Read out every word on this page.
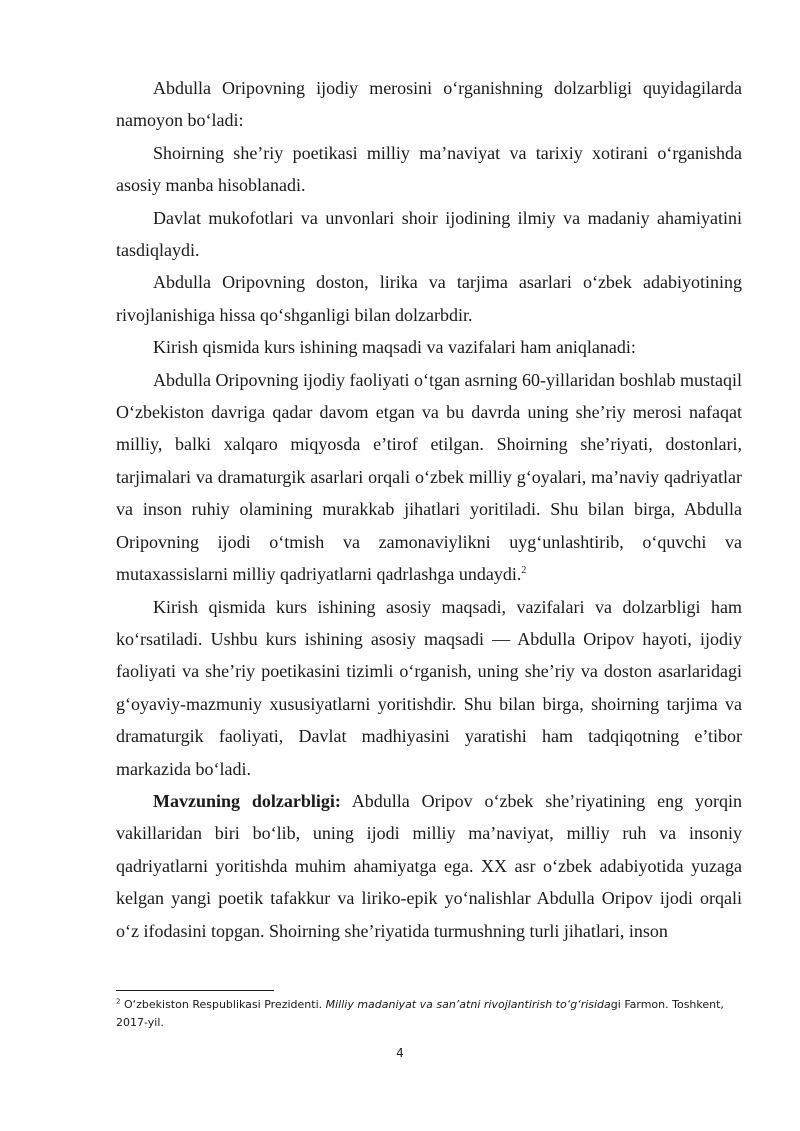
Abdulla Oripovning ijodiy merosini o‘rganishning dolzarbligi quyidagilarda namoyon bo‘ladi:

Shoirning she’riy poetikasi milliy ma’naviyat va tarixiy xotirani o‘rganishda asosiy manba hisoblanadi.

Davlat mukofotlari va unvonlari shoir ijodining ilmiy va madaniy ahamiyatini tasdiqlaydi.

Abdulla Oripovning doston, lirika va tarjima asarlari o‘zbek adabiyotining rivojlanishiga hissa qo‘shganligi bilan dolzarbdir.

Kirish qismida kurs ishining maqsadi va vazifalari ham aniqlanadi:

Abdulla Oripovning ijodiy faoliyati o‘tgan asrning 60-yillaridan boshlab mustaqil O‘zbekiston davriga qadar davom etgan va bu davrda uning she’riy merosi nafaqat milliy, balki xalqaro miqyosda e’tirof etilgan. Shoirning she’riyati, dostonlari, tarjimalari va dramaturgik asarlari orqali o‘zbek milliy g‘oyalari, ma’naviy qadriyatlar va inson ruhiy olamining murakkab jihatlari yoritiladi. Shu bilan birga, Abdulla Oripovning ijodi o‘tmish va zamonaviylikni uyg‘unlashtirib, o‘quvchi va mutaxassislarni milliy qadriyatlarni qadrlashga undaydi.$^2$

Kirish qismida kurs ishining asosiy maqsadi, vazifalari va dolzarbligi ham ko‘rsatiladi. Ushbu kurs ishining asosiy maqsadi — Abdulla Oripov hayoti, ijodiy faoliyati va she’riy poetikasini tizimli o‘rganish, uning she’riy va doston asarlaridagi g‘oyaviy-mazmuniy xususiyatlarni yoritishdir. Shu bilan birga, shoirning tarjima va dramaturgik faoliyati, Davlat madhiyasini yaratishi ham tadqiqotning e’tibor markazida bo‘ladi.

Mavzuning dolzarbligi: Abdulla Oripov o‘zbek she’riyatining eng yorqin vakillaridan biri bo‘lib, uning ijodi milliy ma’naviyat, milliy ruh va insoniy qadriyatlarni yoritishda muhim ahamiyatga ega. XX asr o‘zbek adabiyotida yuzaga kelgan yangi poetik tafakkur va liriko-epik yo‘nalishlar Abdulla Oripov ijodi orqali o‘z ifodasini topgan. Shoirning she’riyatida turmushning turli jihatlari, inson

$^2$ O‘zbekiston Respublikasi Prezidenti. Milliy madaniyat va san’atni rivojlantirish to‘g‘risidagi Farmon. Toshkent, 2017-yil.
4
